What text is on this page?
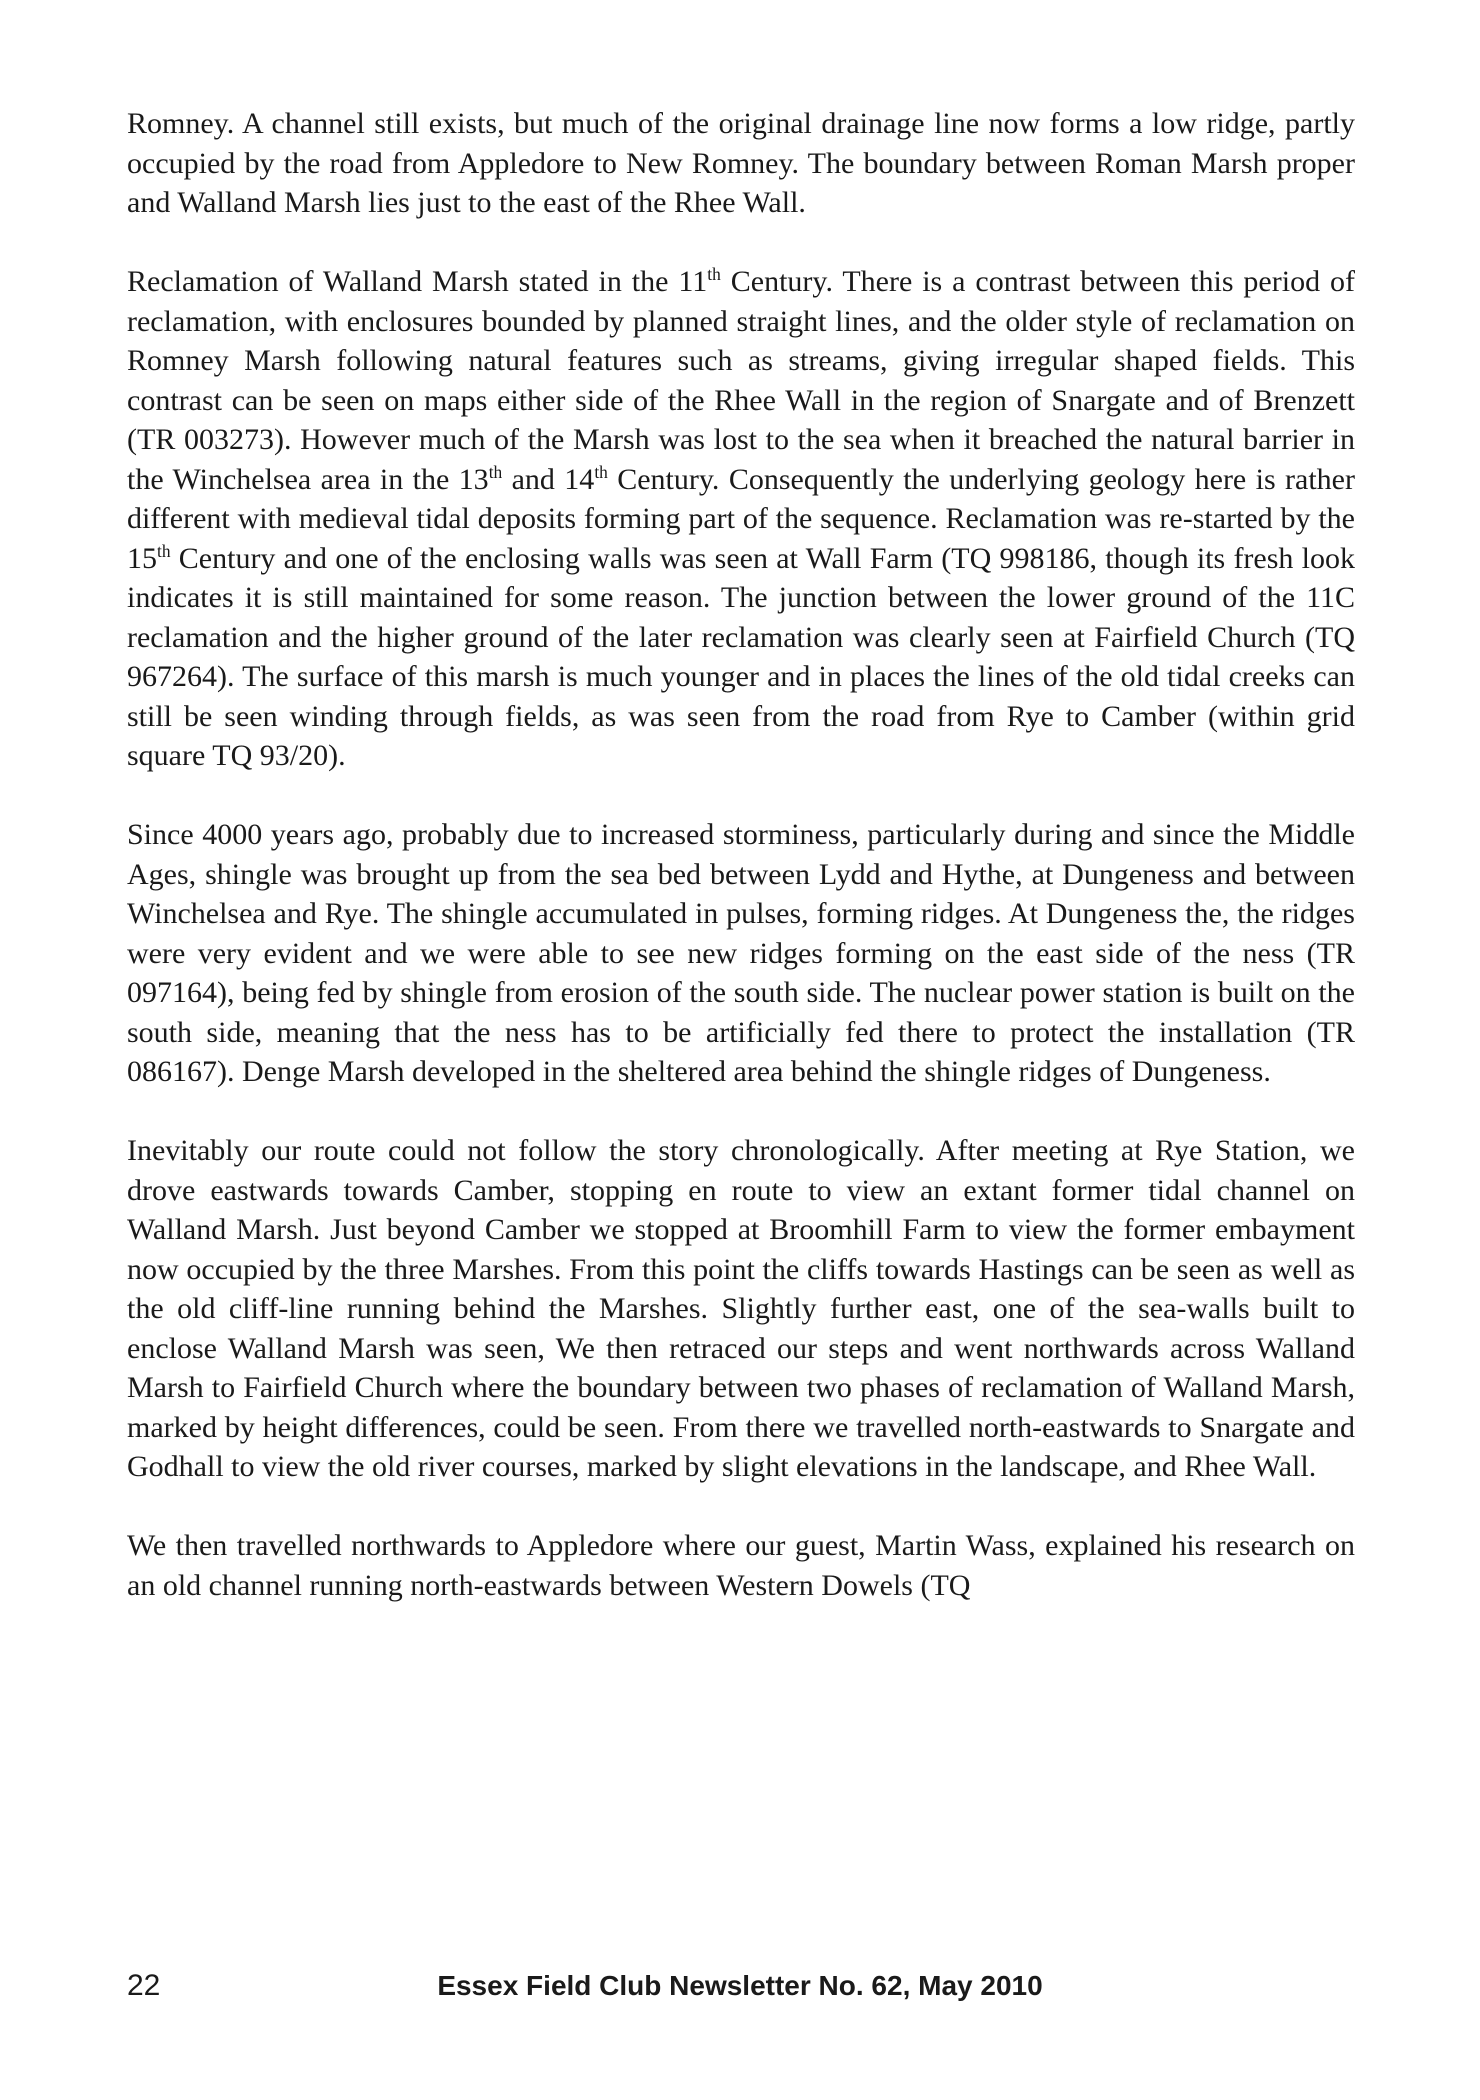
Romney. A channel still exists, but much of the original drainage line now forms a low ridge, partly occupied by the road from Appledore to New Romney. The boundary between Roman Marsh proper and Walland Marsh lies just to the east of the Rhee Wall.

Reclamation of Walland Marsh stated in the 11th Century. There is a contrast between this period of reclamation, with enclosures bounded by planned straight lines, and the older style of reclamation on Romney Marsh following natural features such as streams, giving irregular shaped fields. This contrast can be seen on maps either side of the Rhee Wall in the region of Snargate and of Brenzett (TR 003273). However much of the Marsh was lost to the sea when it breached the natural barrier in the Winchelsea area in the 13th and 14th Century. Consequently the underlying geology here is rather different with medieval tidal deposits forming part of the sequence. Reclamation was re-started by the 15th Century and one of the enclosing walls was seen at Wall Farm (TQ 998186, though its fresh look indicates it is still maintained for some reason. The junction between the lower ground of the 11C reclamation and the higher ground of the later reclamation was clearly seen at Fairfield Church (TQ 967264). The surface of this marsh is much younger and in places the lines of the old tidal creeks can still be seen winding through fields, as was seen from the road from Rye to Camber (within grid square TQ 93/20).

Since 4000 years ago, probably due to increased storminess, particularly during and since the Middle Ages, shingle was brought up from the sea bed between Lydd and Hythe, at Dungeness and between Winchelsea and Rye. The shingle accumulated in pulses, forming ridges. At Dungeness the, the ridges were very evident and we were able to see new ridges forming on the east side of the ness (TR 097164), being fed by shingle from erosion of the south side. The nuclear power station is built on the south side, meaning that the ness has to be artificially fed there to protect the installation (TR 086167). Denge Marsh developed in the sheltered area behind the shingle ridges of Dungeness.

Inevitably our route could not follow the story chronologically. After meeting at Rye Station, we drove eastwards towards Camber, stopping en route to view an extant former tidal channel on Walland Marsh. Just beyond Camber we stopped at Broomhill Farm to view the former embayment now occupied by the three Marshes. From this point the cliffs towards Hastings can be seen as well as the old cliff-line running behind the Marshes. Slightly further east, one of the sea-walls built to enclose Walland Marsh was seen, We then retraced our steps and went northwards across Walland Marsh to Fairfield Church where the boundary between two phases of reclamation of Walland Marsh, marked by height differences, could be seen. From there we travelled north-eastwards to Snargate and Godhall to view the old river courses, marked by slight elevations in the landscape, and Rhee Wall.

We then travelled northwards to Appledore where our guest, Martin Wass, explained his research on an old channel running north-eastwards between Western Dowels (TQ

22	Essex Field Club Newsletter No. 62, May 2010
